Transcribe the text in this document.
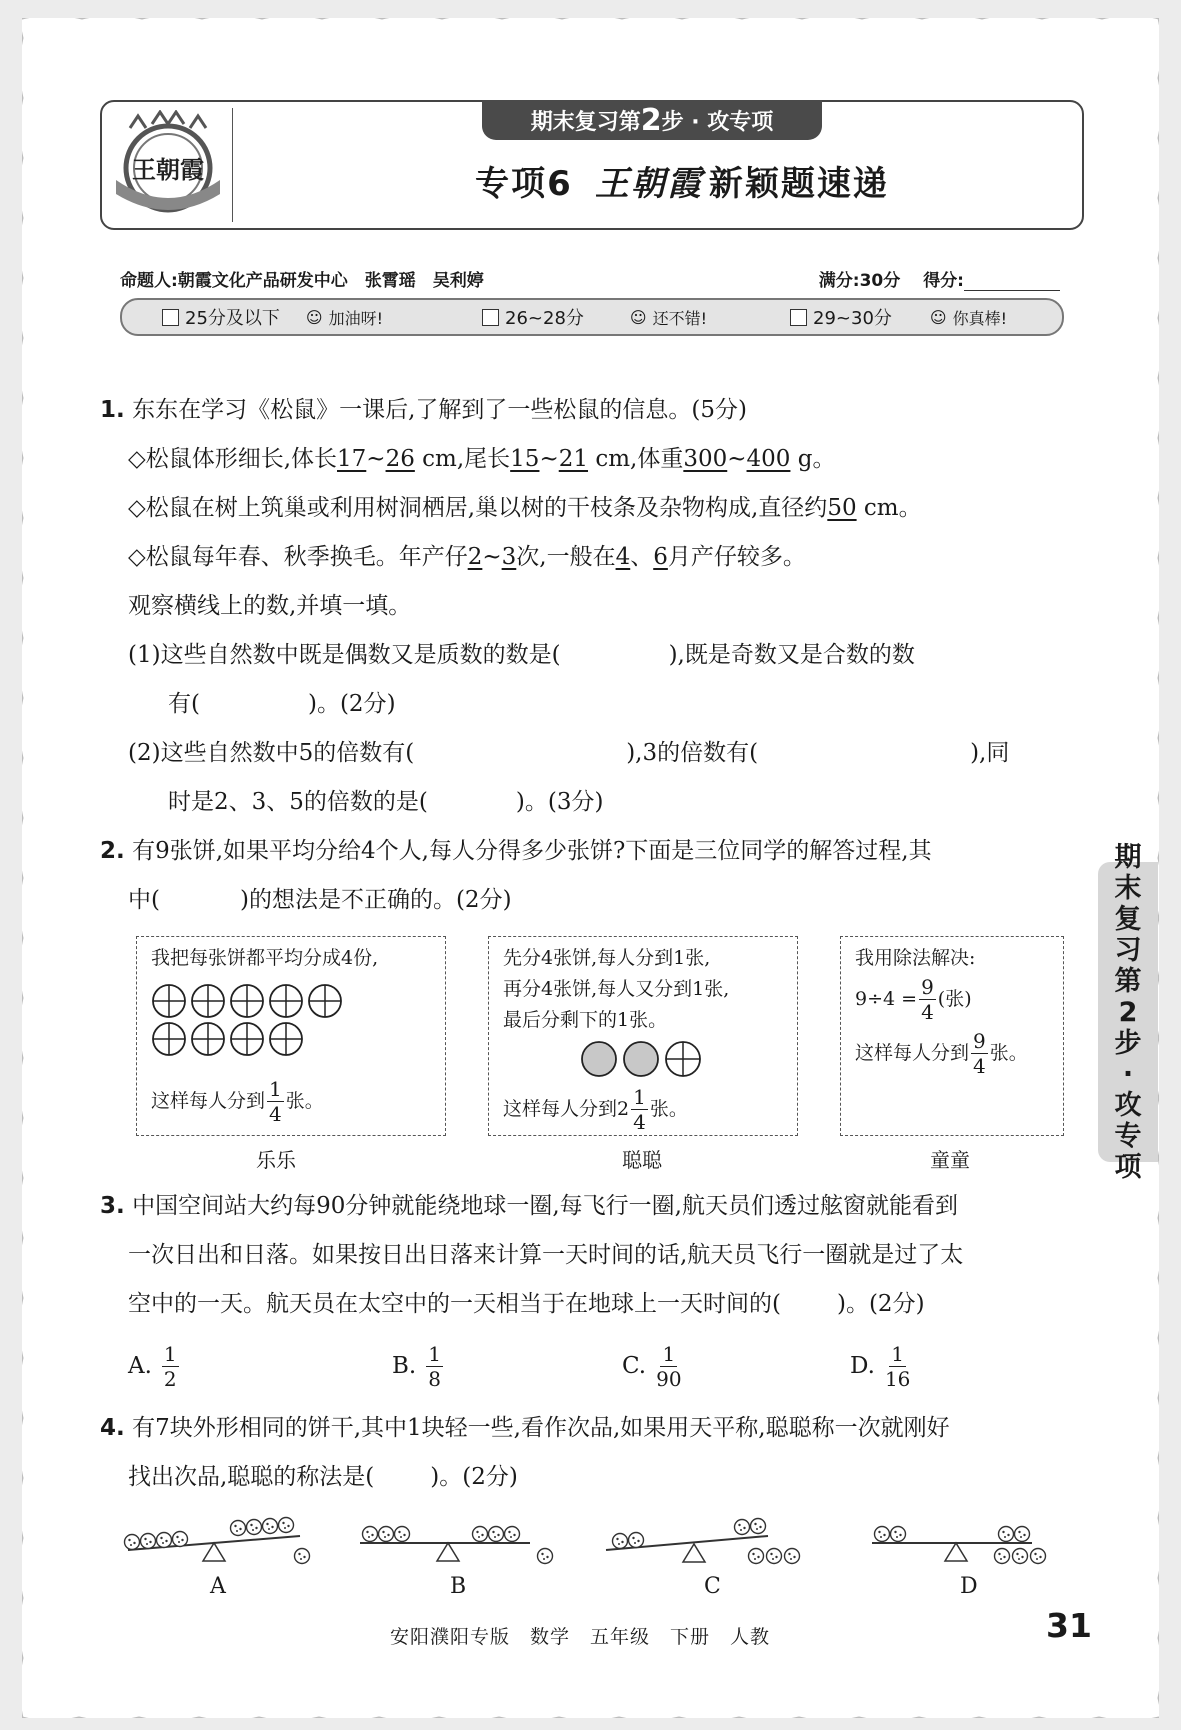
王朝霞
期末复习第 2 步 · 攻专项
专项6 王朝霞 新颖题速递
命题人:朝霞文化产品研发中心　张霄瑶　吴利婷	满分:30分　 得分:
25分及以下 ☺ 加油呀!	26~28分	☺ 还不错!	29~30分 ☺ 你真棒!
1. 东东在学习《松鼠》一课后,了解到了一些松鼠的信息。(5分)
◇松鼠体形细长,体长17~26 cm,尾长15~21 cm,体重300~400 g。
◇松鼠在树上筑巢或利用树洞栖居,巢以树的干枝条及杂物构成,直径约50 cm。
◇松鼠每年春、秋季换毛。年产仔2~3次,一般在4、6月产仔较多。
观察横线上的数,并填一填。
(1)这些自然数中既是偶数又是质数的数是(	),既是奇数又是合数的数
有(	)。(2分)
(2)这些自然数中5的倍数有(	),3的倍数有(	),同
时是2、3、5的倍数的是(	)。(3分)
2. 有9张饼,如果平均分给4个人,每人分得多少张饼?下面是三位同学的解答过程,其
中(	)的想法是不正确的。(2分)
我把每张饼都平均分成4份,
这样每人分到 $\frac{1}{4}$ 张。
乐乐
先分4张饼,每人分到1张,
再分4张饼,每人又分到1张,
最后分剩下的1张。
这样每人分到$2 \frac{1}{4}$ 张。
聪聪
我用除法解决:
$9\div 4 = \frac{9}{4}$ (张)
这样每人分到 $\frac{9}{4}$ 张。
童童
3. 中国空间站大约每90分钟就能绕地球一圈,每飞行一圈,航天员们透过舷窗就能看到
一次日出和日落。如果按日出日落来计算一天时间的话,航天员飞行一圈就是过了太
空中的一天。航天员在太空中的一天相当于在地球上一天时间的( )。(2分)
A. $\frac{1}{2}$	B. $\frac{1}{8}$	C. $\frac{1}{90}$	D. $\frac{1}{16}$
4. 有7块外形相同的饼干,其中1块轻一些,看作次品,如果用天平称,聪聪称一次就刚好
找出次品,聪聪的称法是( )。(2分)
A	B	C	D
期
末
复
习
第
2
步
·
攻
专
项
安阳濮阳专版　数学　五年级　下册　人教	31
